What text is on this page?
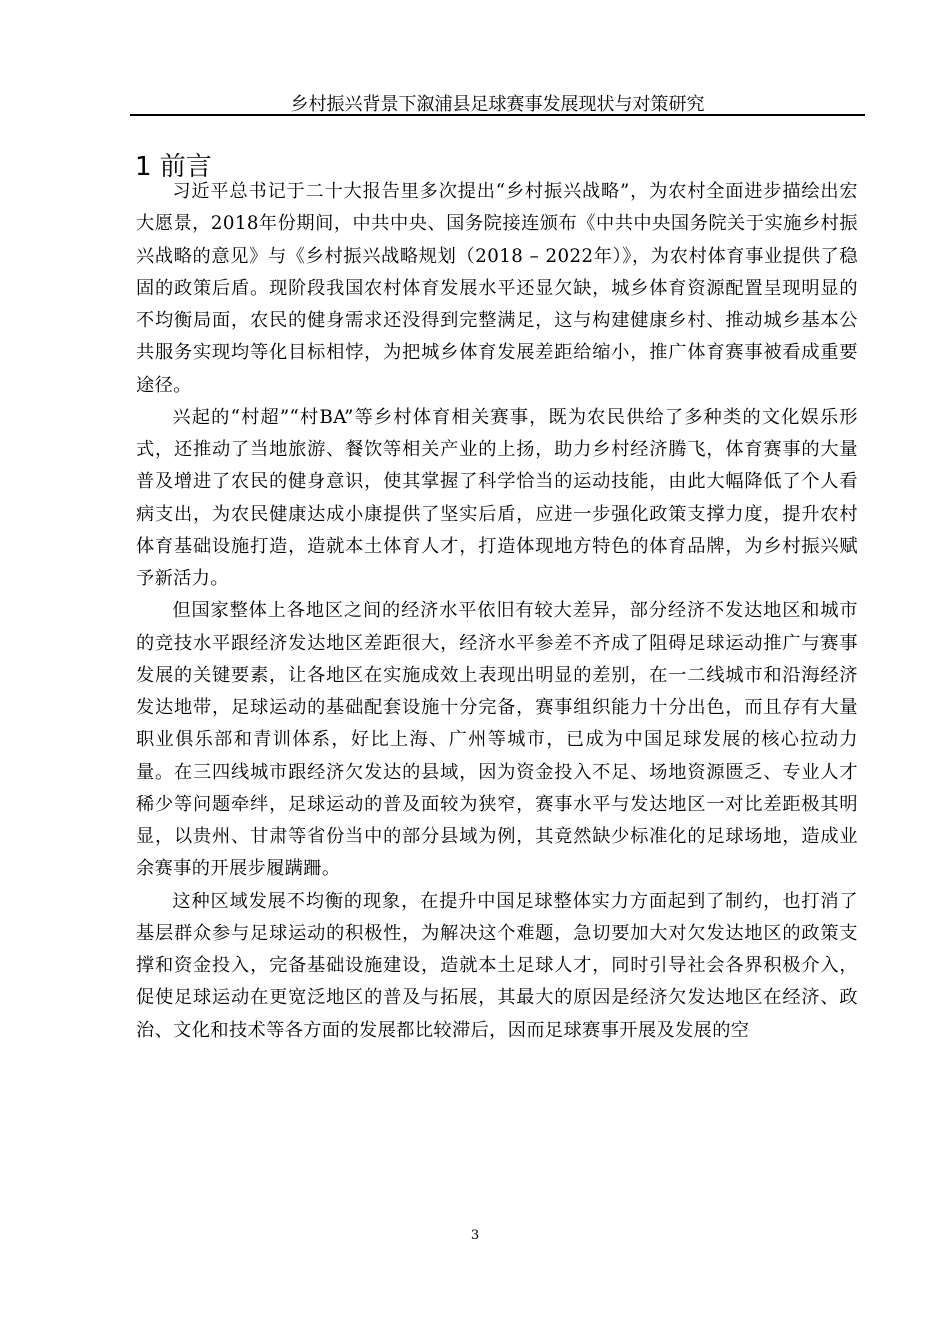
乡村振兴背景下溆浦县足球赛事发展现状与对策研究
1 前言

习近平总书记于二十大报告里多次提出“乡村振兴战略”，为农村全面进步描绘出宏大愿景，2018年份期间，中共中央、国务院接连颁布《中共中央国务院关于实施乡村振兴战略的意见》与《乡村振兴战略规划（2018 – 2022年）》，为农村体育事业提供了稳固的政策后盾。现阶段我国农村体育发展水平还显欠缺，城乡体育资源配置呈现明显的不均衡局面，农民的健身需求还没得到完整满足，这与构建健康乡村、推动城乡基本公共服务实现均等化目标相悖，为把城乡体育发展差距给缩小，推广体育赛事被看成重要途径。

兴起的“村超”“村BA”等乡村体育相关赛事，既为农民供给了多种类的文化娱乐形式，还推动了当地旅游、餐饮等相关产业的上扬，助力乡村经济腾飞，体育赛事的大量普及增进了农民的健身意识，使其掌握了科学恰当的运动技能，由此大幅降低了个人看病支出，为农民健康达成小康提供了坚实后盾，应进一步强化政策支撑力度，提升农村体育基础设施打造，造就本土体育人才，打造体现地方特色的体育品牌，为乡村振兴赋予新活力。

但国家整体上各地区之间的经济水平依旧有较大差异，部分经济不发达地区和城市的竞技水平跟经济发达地区差距很大，经济水平参差不齐成了阻碍足球运动推广与赛事发展的关键要素，让各地区在实施成效上表现出明显的差别，在一二线城市和沿海经济发达地带，足球运动的基础配套设施十分完备，赛事组织能力十分出色，而且存有大量职业俱乐部和青训体系，好比上海、广州等城市，已成为中国足球发展的核心拉动力量。在三四线城市跟经济欠发达的县域，因为资金投入不足、场地资源匮乏、专业人才稀少等问题牵绊，足球运动的普及面较为狭窄，赛事水平与发达地区一对比差距极其明显，以贵州、甘肃等省份当中的部分县域为例，其竟然缺少标准化的足球场地，造成业余赛事的开展步履蹒跚。

这种区域发展不均衡的现象，在提升中国足球整体实力方面起到了制约，也打消了基层群众参与足球运动的积极性，为解决这个难题，急切要加大对欠发达地区的政策支撑和资金投入，完备基础设施建设，造就本土足球人才，同时引导社会各界积极介入，促使足球运动在更宽泛地区的普及与拓展，其最大的原因是经济欠发达地区在经济、政治、文化和技术等各方面的发展都比较滞后，因而足球赛事开展及发展的空

3
